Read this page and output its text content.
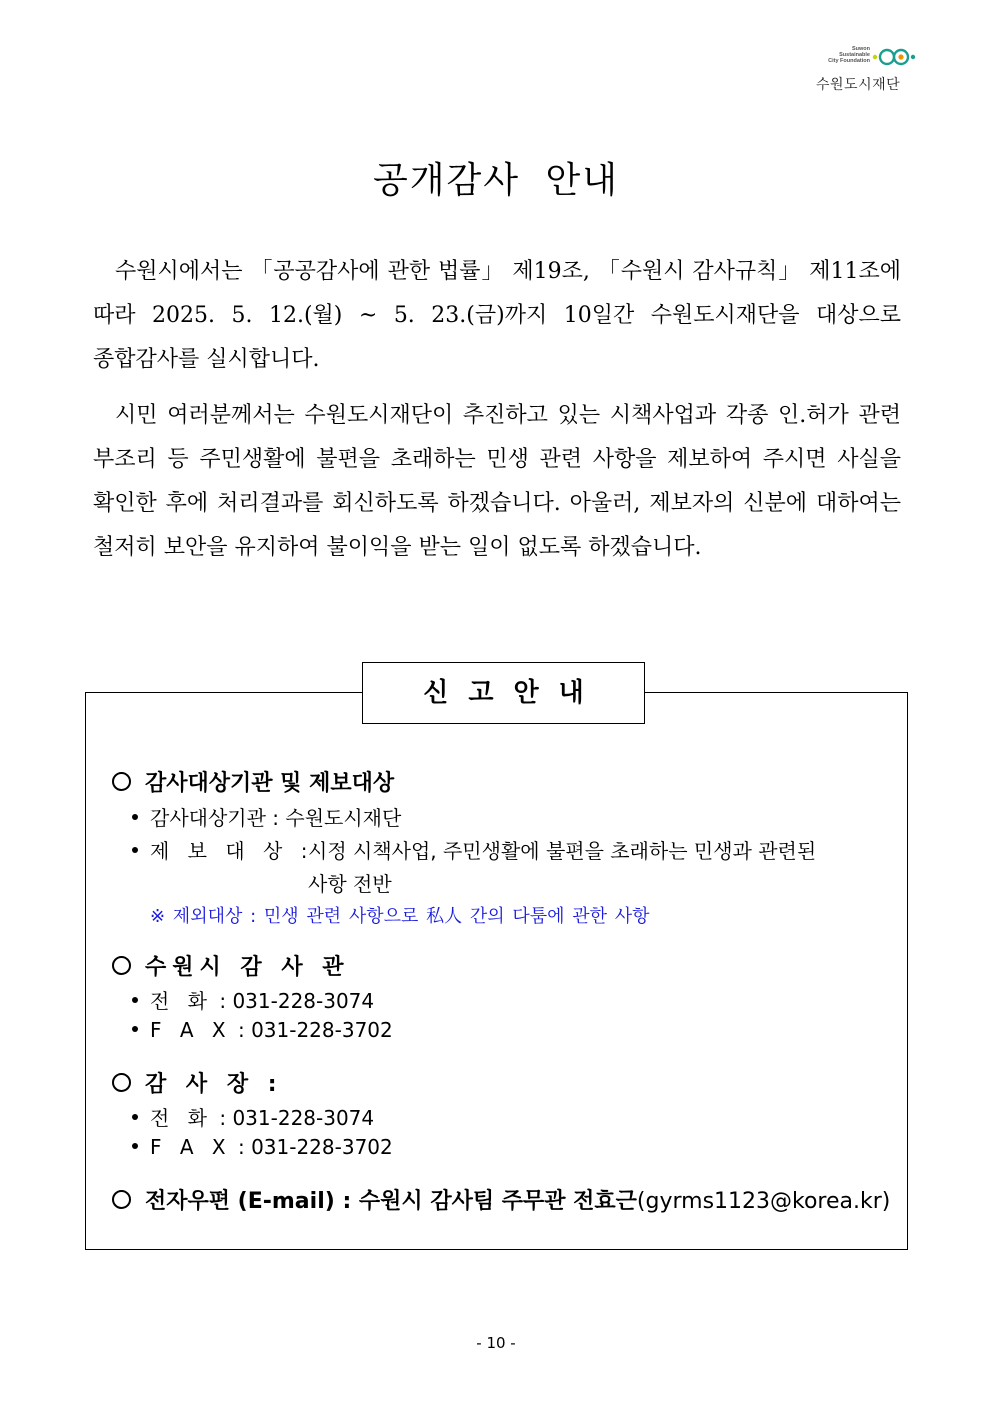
Suwon
Sustainable
City Foundation
수원도시재단
공개감사 안내
수원시에서는 「공공감사에 관한 법률」 제19조, 「수원시 감사규칙」 제11조에 따라 2025. 5. 12.(월) ~ 5. 23.(금)까지 10일간 수원도시재단을 대상으로 종합감사를 실시합니다.
시민 여러분께서는 수원도시재단이 추진하고 있는 시책사업과 각종 인.허가 관련 부조리 등 주민생활에 불편을 초래하는 민생 관련 사항을 제보하여 주시면 사실을 확인한 후에 처리결과를 회신하도록 하겠습니다. 아울러, 제보자의 신분에 대하여는 철저히 보안을 유지하여 불이익을 받는 일이 없도록 하겠습니다.
신고안내
감사대상기관 및 제보대상
감사대상기관 : 수원도시재단
제 보 대 상 :
시정 시책사업, 주민생활에 불편을 초래하는 민생과 관련된
사항 전반
※ 제외대상 : 민생 관련 사항으로 私人 간의 다툼에 관한 사항
수원시 감 사 관
전 화 : 031-228-3074
F A X : 031-228-3702
감 사 장 :
전 화 : 031-228-3074
F A X : 031-228-3702
전자우편 (E-mail) : 수원시 감사팀 주무관 전효근(gyrms1123@korea.kr)
- 10 -
